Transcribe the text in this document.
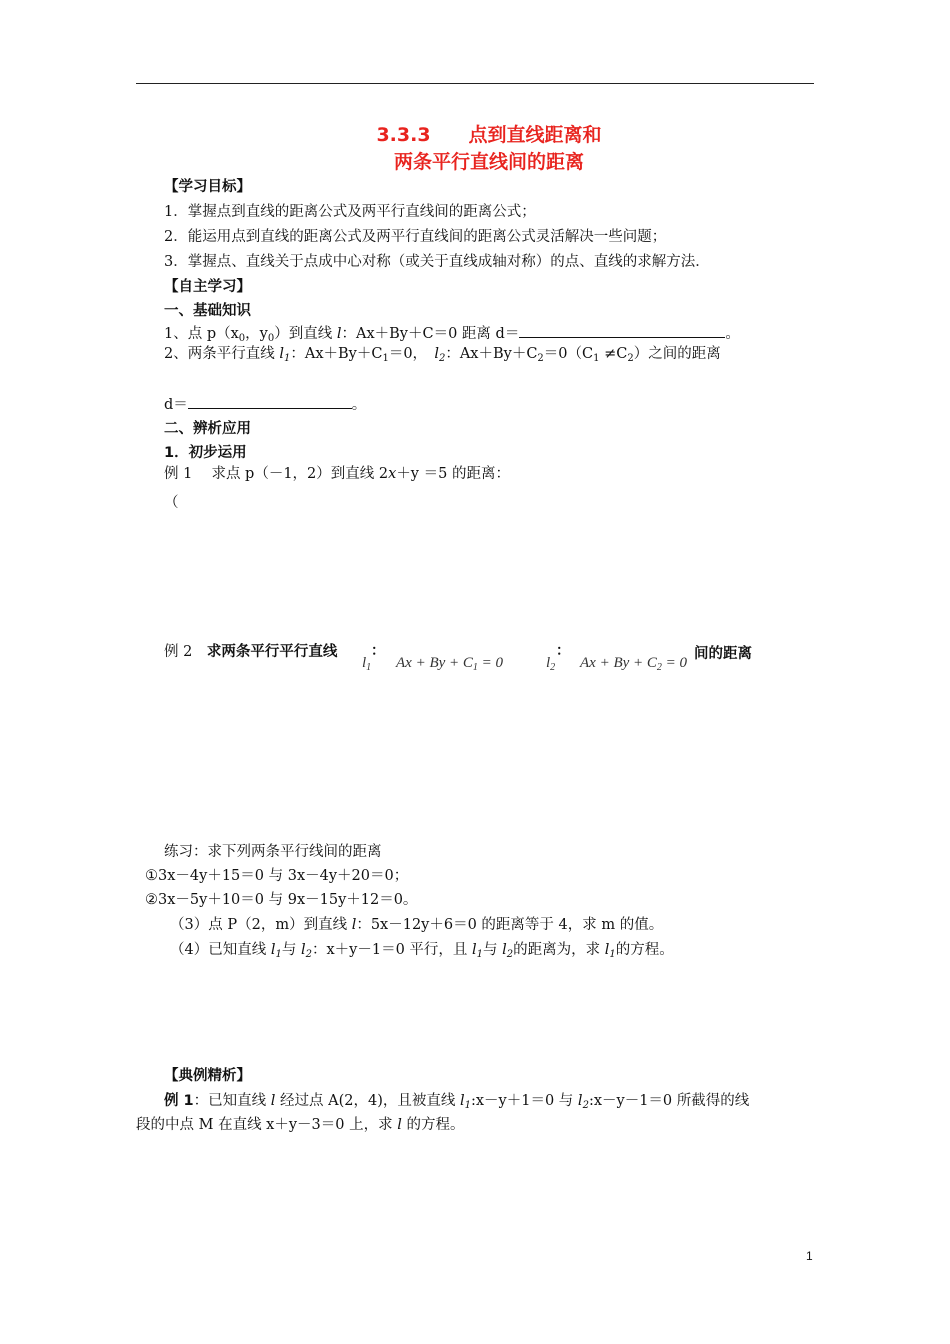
3.3.3　　点到直线距离和
两条平行直线间的距离
【学习目标】
1．掌握点到直线的距离公式及两平行直线间的距离公式；
2．能运用点到直线的距离公式及两平行直线间的距离公式灵活解决一些问题；
3．掌握点、直线关于点成中心对称（或关于直线成轴对称）的点、直线的求解方法．
【自主学习】
一、基础知识
1、点 $p(x_0$，$y_0$）到直线 l：Ax＋By＋C＝0 距离 d＝	。
2、两条平行直线 $l_1$：$Ax+By+C_1=0$，　$l_2$：$Ax+By+C_2=0(C_1 \ne C_2)$之间的距离
d＝	。
二、辨析应用
1．初步运用
例 1　 求点 p（－1，2）到直线 2x＋y ＝5 的距离：
（
例 2　求两条平行平行直线
$l_1$
：
$Ax + By + C_1 = 0$	$l_2$
：
$Ax + By + C_2 = 0$
间的距离
练习：求下列两条平行线间的距离
①3x－4y＋15＝0 与 3x－4y＋20＝0；
②3x－5y＋10＝0 与 9x－15y＋12＝0。
（3）点 P（2，m）到直线 l：5x－12y＋6＝0 的距离等于 4，求 m 的值。
（4）已知直线 $l_1$与 $l_2$：x＋y－1＝0 平行，且 $l_1$与 $l_2$的距离为，求 $l_1$的方程。
【典例精析】
例 1：已知直线 l 经过点 A(2，4)，且被直线 $l_1:x-y+1=0$ 与 $l_2:x-y-1=0$ 所截得的线
段的中点 M 在直线 x＋y－3＝0 上，求 l 的方程。
1
